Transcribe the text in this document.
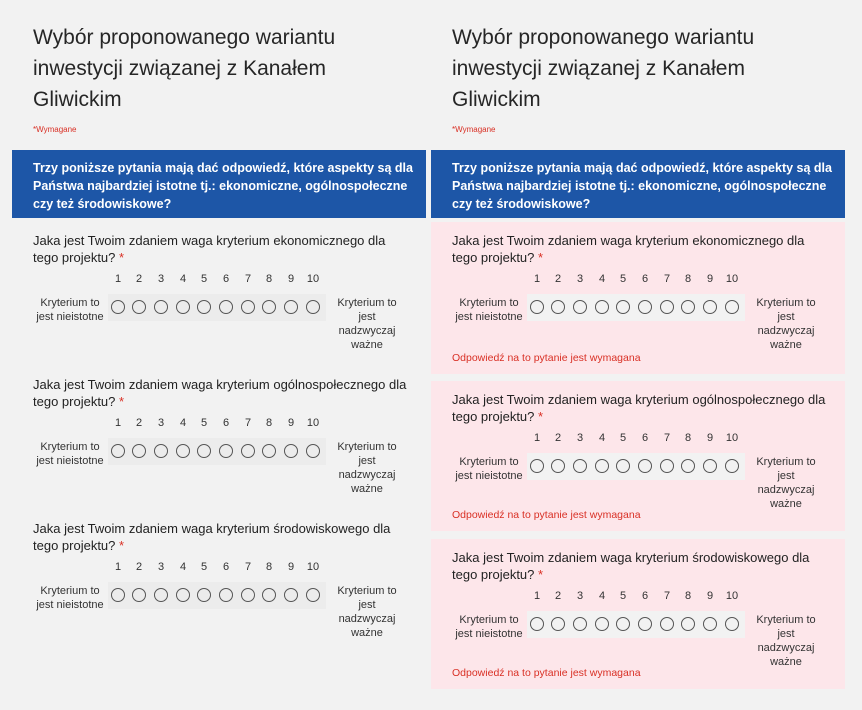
Wybór proponowanego wariantu inwestycji związanej z Kanałem Gliwickim
*Wymagane
Trzy poniższe pytania mają dać odpowiedź, które aspekty są dla Państwa najbardziej istotne tj.: ekonomiczne, ogólnospołeczne czy też środowiskowe?
Jaka jest Twoim zdaniem waga kryterium ekonomicznego dla tego projektu? *
1	2	3	4	5	6	7	8	9	10
Kryterium to jest nieistotne
Kryterium to jest nadzwyczaj ważne
Jaka jest Twoim zdaniem waga kryterium ogólnospołecznego dla tego projektu? *
1	2	3	4	5	6	7	8	9	10
Kryterium to jest nieistotne
Kryterium to jest nadzwyczaj ważne
Jaka jest Twoim zdaniem waga kryterium środowiskowego dla tego projektu? *
1	2	3	4	5	6	7	8	9	10
Kryterium to jest nieistotne
Kryterium to jest nadzwyczaj ważne
Wybór proponowanego wariantu inwestycji związanej z Kanałem Gliwickim
*Wymagane
Trzy poniższe pytania mają dać odpowiedź, które aspekty są dla Państwa najbardziej istotne tj.: ekonomiczne, ogólnospołeczne czy też środowiskowe?
Jaka jest Twoim zdaniem waga kryterium ekonomicznego dla tego projektu? *
1	2	3	4	5	6	7	8	9	10
Kryterium to jest nieistotne
Kryterium to jest nadzwyczaj ważne
Odpowiedź na to pytanie jest wymagana
Jaka jest Twoim zdaniem waga kryterium ogólnospołecznego dla tego projektu? *
1	2	3	4	5	6	7	8	9	10
Kryterium to jest nieistotne
Kryterium to jest nadzwyczaj ważne
Odpowiedź na to pytanie jest wymagana
Jaka jest Twoim zdaniem waga kryterium środowiskowego dla tego projektu? *
1	2	3	4	5	6	7	8	9	10
Kryterium to jest nieistotne
Kryterium to jest nadzwyczaj ważne
Odpowiedź na to pytanie jest wymagana
